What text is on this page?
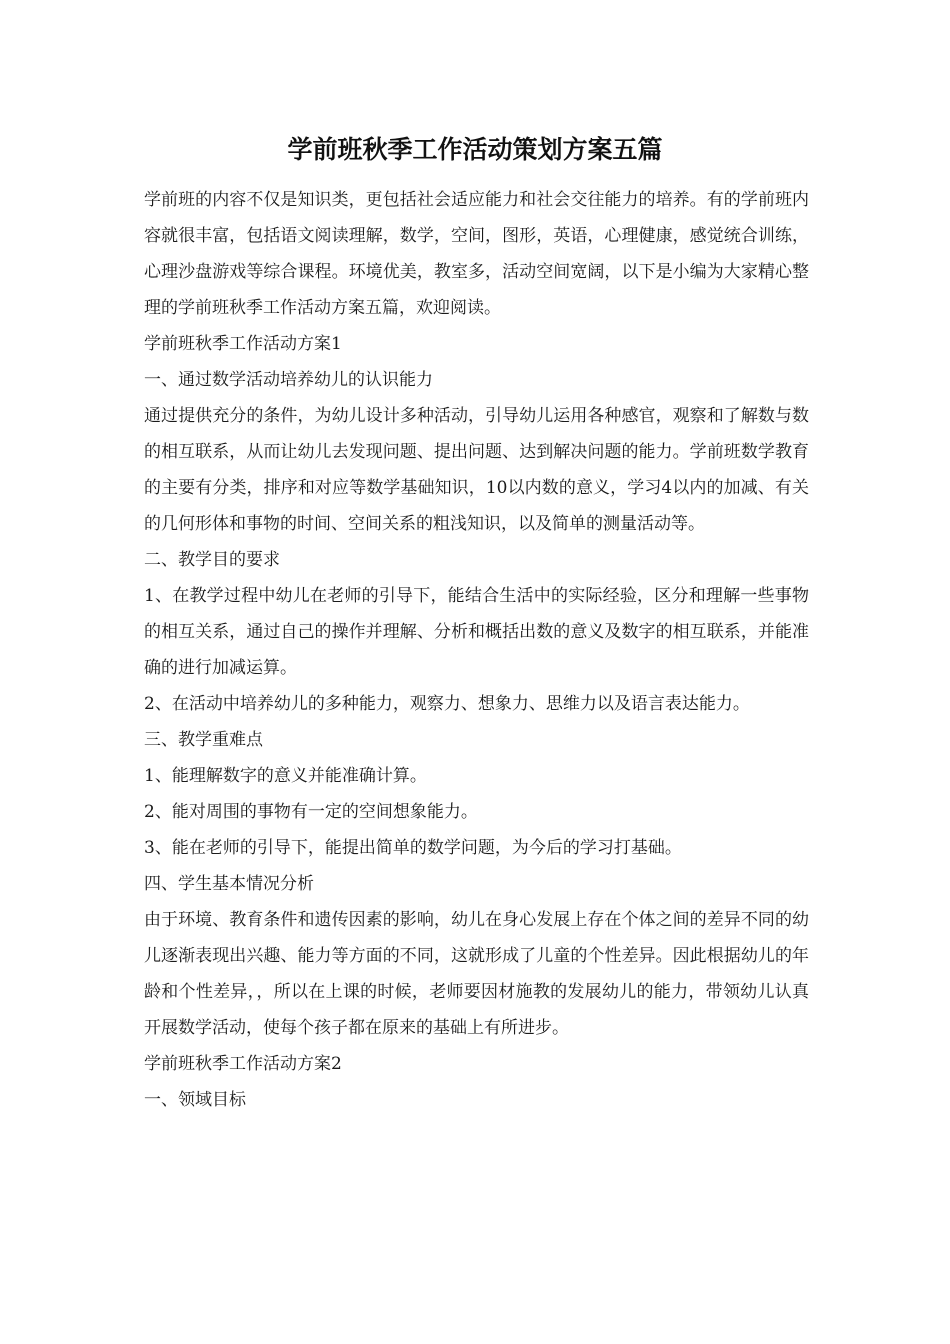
学前班秋季工作活动策划方案五篇

学前班的内容不仅是知识类，更包括社会适应能力和社会交往能力的培养。有的学前班内容就很丰富，包括语文阅读理解，数学，空间，图形，英语，心理健康，感觉统合训练，心理沙盘游戏等综合课程。环境优美，教室多，活动空间宽阔，以下是小编为大家精心整理的学前班秋季工作活动方案五篇，欢迎阅读。

学前班秋季工作活动方案1

一、通过数学活动培养幼儿的认识能力

通过提供充分的条件，为幼儿设计多种活动，引导幼儿运用各种感官，观察和了解数与数的相互联系，从而让幼儿去发现问题、提出问题、达到解决问题的能力。学前班数学教育的主要有分类，排序和对应等数学基础知识，10以内数的意义，学习4以内的加减、有关的几何形体和事物的时间、空间关系的粗浅知识，以及简单的测量活动等。

二、教学目的要求

1、在教学过程中幼儿在老师的引导下，能结合生活中的实际经验，区分和理解一些事物的相互关系，通过自己的操作并理解、分析和概括出数的意义及数字的相互联系，并能准确的进行加减运算。

2、在活动中培养幼儿的多种能力，观察力、想象力、思维力以及语言表达能力。

三、教学重难点

1、能理解数字的意义并能准确计算。

2、能对周围的事物有一定的空间想象能力。

3、能在老师的引导下，能提出简单的数学问题，为今后的学习打基础。

四、学生基本情况分析

由于环境、教育条件和遗传因素的影响，幼儿在身心发展上存在个体之间的差异不同的幼儿逐渐表现出兴趣、能力等方面的不同，这就形成了儿童的个性差异。因此根据幼儿的年龄和个性差异，，所以在上课的时候，老师要因材施教的发展幼儿的能力，带领幼儿认真开展数学活动，使每个孩子都在原来的基础上有所进步。

学前班秋季工作活动方案2

一、领域目标
